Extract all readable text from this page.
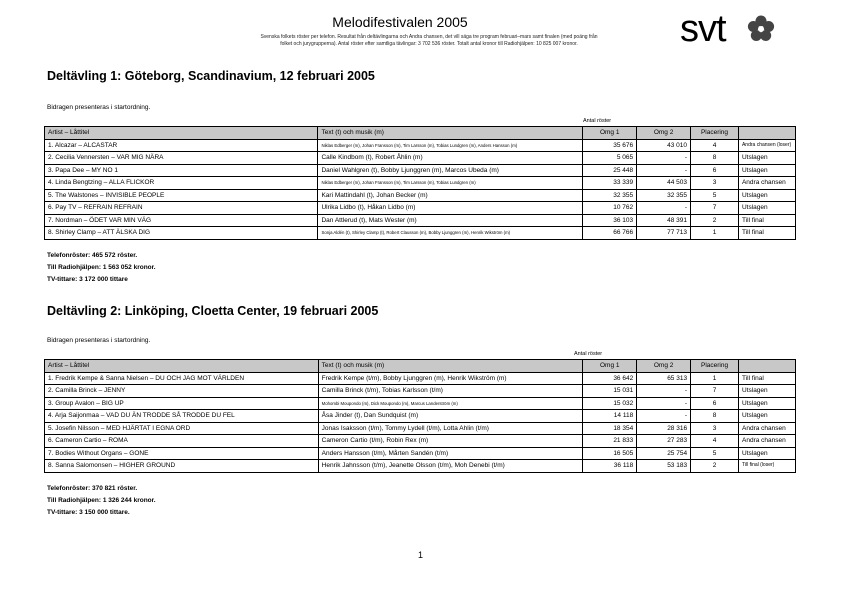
Melodifestivalen 2005
Svenska folkets röster per telefon. Resultat från deltävlingarna och Andra chansen, det vill säga tre program februari–mars samt finalen (med poäng från folket och jurygrupperna). Antal röster efter samtliga tävlingar: 3 702 536 röster. Totalt antal kronor till Radiohjälpen: 10 825 007 kronor.	svt
Deltävling 1: Göteborg, Scandinavium, 12 februari 2005
Bidragen presenteras i startordning.
Antal röster
Artist – Låttitel	Text (t) och musik (m)	Omg 1	Omg 2	Placering	
1. Alcazar – ALCASTAR	Niklas Edberger (m), Johan Fransson (m), Tim Larsson (m), Tobias Lundgren (m), Anders Hansson (m)	35 676	43 010	4	Andra chansen (loser)
2. Cecilia Vennersten – VAR MIG NÄRA	Calle Kindbom (t), Robert Åhlin (m)	5 065	-	8	Utslagen
3. Papa Dee – MY NO 1	Daniel Wahlgren (t), Bobby Ljunggren (m), Marcos Ubeda (m)	25 448	-	6	Utslagen
4. Linda Bengtzing – ALLA FLICKOR	Niklas Edberger (m), Johan Fransson (m), Tim Larsson (m), Tobias Lundgren (m)	33 339	44 503	3	Andra chansen
5. The Walstones – INVISIBLE PEOPLE	Kari Mattindahl (t), Johan Becker (m)	32 355	32 355	5	Utslagen
6. Pay TV – REFRAIN REFRAIN	Ulrika Lidbo (t), Håkan Lidbo (m)	10 762	-	7	Utslagen
7. Nordman – ÖDET VAR MIN VÄG	Dan Attlerud (t), Mats Wester (m)	36 103	48 391	2	Till final
8. Shirley Clamp – ATT ÄLSKA DIG	Sonja Aldén (t), Shirley Clamp (t), Robert Clausson (m), Bobby Ljunggren (m), Henrik Wikström (m)	66 766	77 713	1	Till final
Telefonröster: 465 572 röster.
Till Radiohjälpen: 1 563 052 kronor.
TV-tittare: 3 172 000 tittare
Deltävling 2: Linköping, Cloetta Center, 19 februari 2005
Bidragen presenteras i startordning.
Antal röster
Artist – Låttitel	Text (t) och musik (m)	Omg 1	Omg 2	Placering	
1. Fredrik Kempe & Sanna Nielsen – DU OCH JAG MOT VÄRLDEN	Fredrik Kempe (t/m), Bobby Ljunggren (m), Henrik Wikström (m)	36 642	65 313	1	Till final
2. Camilla Brinck – JENNY	Camilla Brinck (t/m), Tobias Karlsson (t/m)	15 031	-	7	Utslagen
3. Group Avalon – BIG UP	Mohombi Moupondo (m), Dick Moupondo (m), Marcus Landerström (m)	15 032	-	6	Utslagen
4. Arja Saijonmaa – VAD DU ÄN TRODDE SÅ TRODDE DU FEL	Åsa Jinder (t), Dan Sundquist (m)	14 118	-	8	Utslagen
5. Josefin Nilsson – MED HJÄRTAT I EGNA ORD	Jonas Isaksson (t/m), Tommy Lydell (t/m), Lotta Ahlin (t/m)	18 354	28 316	3	Andra chansen
6. Cameron Cartio – ROMA	Cameron Cartio (t/m), Robin Rex (m)	21 833	27 283	4	Andra chansen
7. Bodies Without Organs – GONE	Anders Hansson (t/m), Mårten Sandén (t/m)	16 505	25 754	5	Utslagen
8. Sanna Salomonsen – HIGHER GROUND	Henrik Jahnsson (t/m), Jeanette Olsson (t/m), Moh Denebi (t/m)	36 118	53 183	2	Till final (loser)
Telefonröster: 370 821 röster.
Till Radiohjälpen: 1 326 244 kronor.
TV-tittare: 3 150 000 tittare.
1
